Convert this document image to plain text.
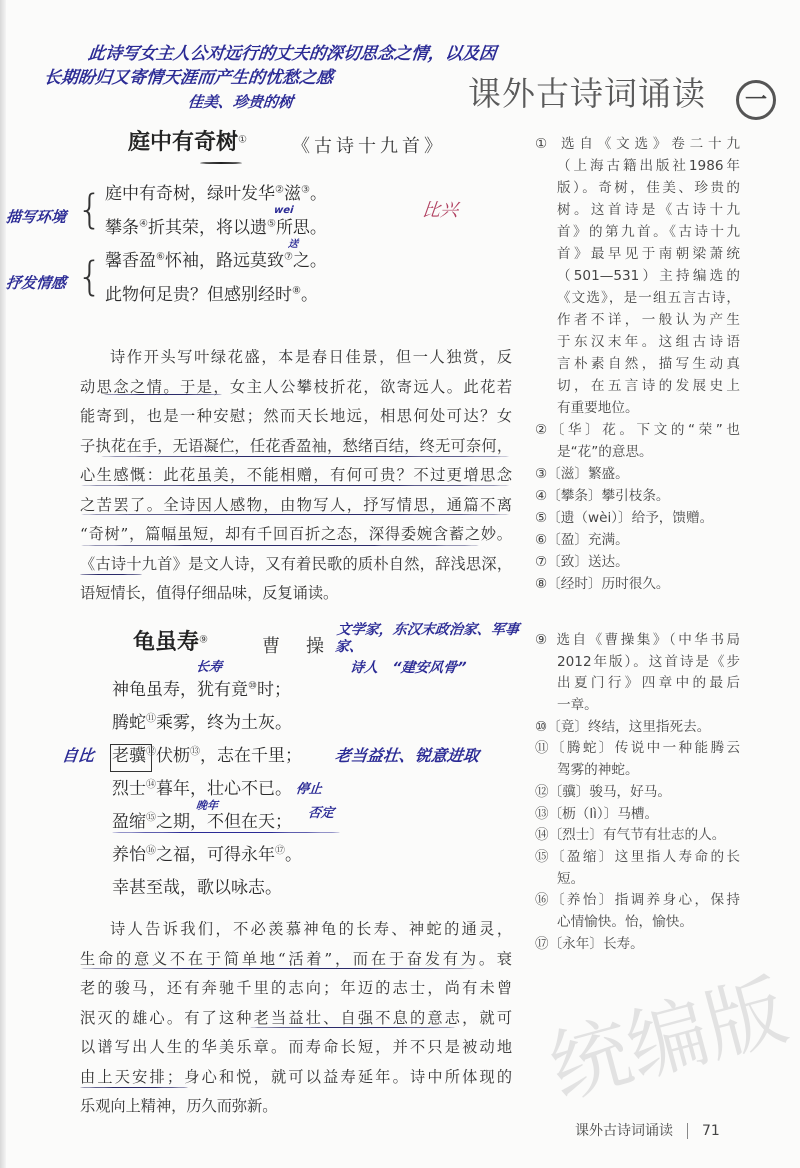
统编版
课外古诗词诵读 一
此诗写女主人公对远行的丈夫的深切思念之情，以及因
长期盼归又寄情天涯而产生的忧愁之感
佳美、珍贵的树
庭中有奇树①	《古诗十九首》
{
{
庭中有奇树，绿叶发华②滋③。
攀条④折其荣，将以遗⑤所思。
馨香盈⑥怀袖，路远莫致⑦之。
此物何足贵？但感别经时⑧。
描写环境
抒发情感
比兴
wei
送
诗作开头写叶绿花盛，本是春日佳景，但一人独赏，反
动思念之情。于是，女主人公攀枝折花，欲寄远人。此花若
能寄到，也是一种安慰；然而天长地远，相思何处可达？女
子执花在手，无语凝伫，任花香盈袖，愁绪百结，终无可奈何，
心生感慨：此花虽美，不能相赠，有何可贵？不过更增思念
之苦罢了。全诗因人感物，由物写人，抒写情思，通篇不离
“奇树”，篇幅虽短，却有千回百折之态，深得委婉含蓄之妙。
《古诗十九首》是文人诗，又有着民歌的质朴自然，辞浅思深，
语短情长，值得仔细品味，反复诵读。
① 选自《文选》卷二十九
（上海古籍出版社1986年
版）。奇树，佳美、珍贵的
树。这首诗是《古诗十九
首》的第九首。《古诗十九
首》最早见于南朝梁萧统
（501—531）主持编选的
《文选》，是一组五言古诗，
作者不详，一般认为产生
于东汉末年。这组古诗语
言朴素自然，描写生动真
切，在五言诗的发展史上
有重要地位。
②〔华〕花。下文的“荣”也
是“花”的意思。
③〔滋〕繁盛。
④〔攀条〕攀引枝条。
⑤〔遗（wèi）〕给予，馈赠。
⑥〔盈〕充满。
⑦〔致〕送达。
⑧〔经时〕历时很久。
龟虽寿⑨	曹　操
长寿
文学家，东汉末政治家、军事家、
诗人　“建安风骨”
神龟虽寿，犹有竟⑩时；
腾蛇⑪乘雾，终为土灰。
老骥⑫伏枥⑬，志在千里；
烈士⑭暮年，壮心不已。
盈缩⑮之期，不但在天；
养怡⑯之福，可得永年⑰。
幸甚至哉，歌以咏志。
自比	老当益壮、锐意进取
晚年
停止
否定
诗人告诉我们，不必羡慕神龟的长寿、神蛇的通灵，
生命的意义不在于简单地“活着”，而在于奋发有为。衰
老的骏马，还有奔驰千里的志向；年迈的志士，尚有未曾
泯灭的雄心。有了这种老当益壮、自强不息的意志，就可
以谱写出人生的华美乐章。而寿命长短，并不只是被动地
由上天安排；身心和悦，就可以益寿延年。诗中所体现的
乐观向上精神，历久而弥新。
⑨ 选自《曹操集》（中华书局
2012年版）。这首诗是《步
出夏门行》四章中的最后
一章。
⑩〔竟〕终结，这里指死去。
⑪〔腾蛇〕传说中一种能腾云
驾雾的神蛇。
⑫〔骥〕骏马，好马。
⑬〔枥（lì）〕马槽。
⑭〔烈士〕有气节有壮志的人。
⑮〔盈缩〕这里指人寿命的长
短。
⑯〔养怡〕指调养身心，保持
心情愉快。怡，愉快。
⑰〔永年〕长寿。
课外古诗词诵读 71
